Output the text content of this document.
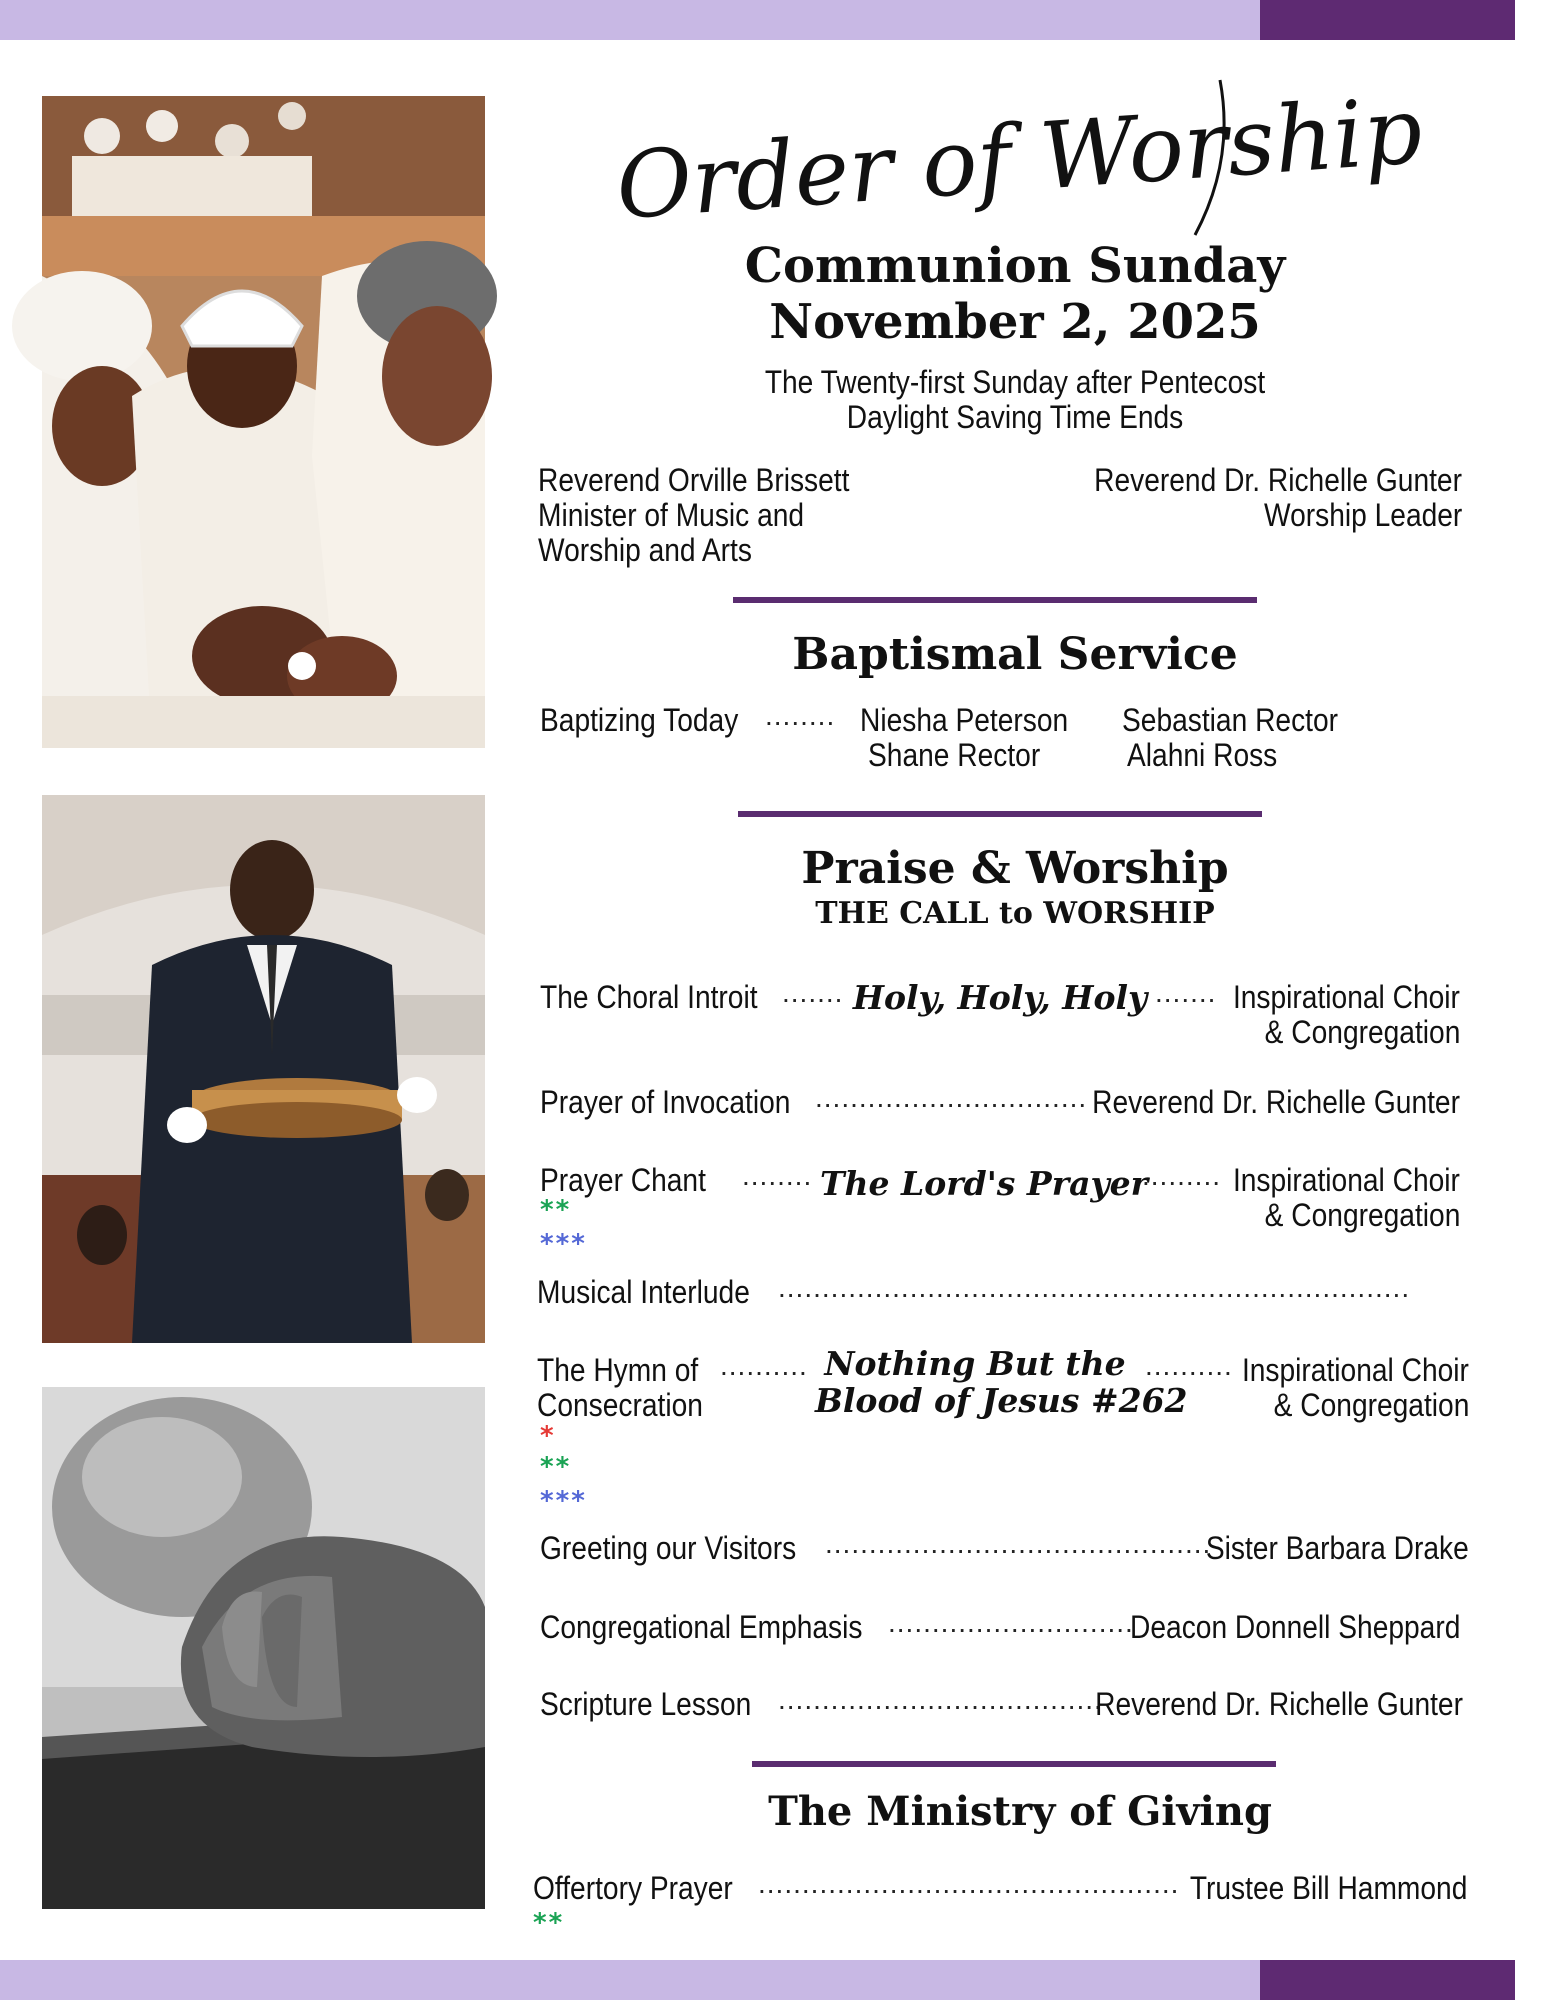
Order of Worship
Communion Sunday
November 2, 2025
The Twenty-first Sunday after Pentecost
Daylight Saving Time Ends
Reverend Orville Brissett
Minister of Music and
Worship and Arts
Reverend Dr. Richelle Gunter
Worship Leader
Baptismal Service
Baptizing Today ........ Niesha Peterson
Shane Rector
Sebastian Rector
Alahni Ross
Praise & Worship
THE CALL to WORSHIP
The Choral Introit ....... Holy, Holy, Holy ....... Inspirational Choir
& Congregation
Prayer of Invocation ............................... Reverend Dr. Richelle Gunter
Prayer Chant ........ The Lord's Prayer
......... Inspirational Choir
& Congregation
**
***
Musical Interlude ........................................................................
The Hymn of
Consecration
.......... Nothing But the
Blood of Jesus #262
.......... Inspirational Choir
& Congregation
*
**
***
Greeting our Visitors ............................................
Sister Barbara Drake
Congregational Emphasis ............................
Deacon Donnell Sheppard
Scripture Lesson .....................................
Reverend Dr. Richelle Gunter
The Ministry of Giving
Offertory Prayer ................................................ Trustee Bill Hammond
**
